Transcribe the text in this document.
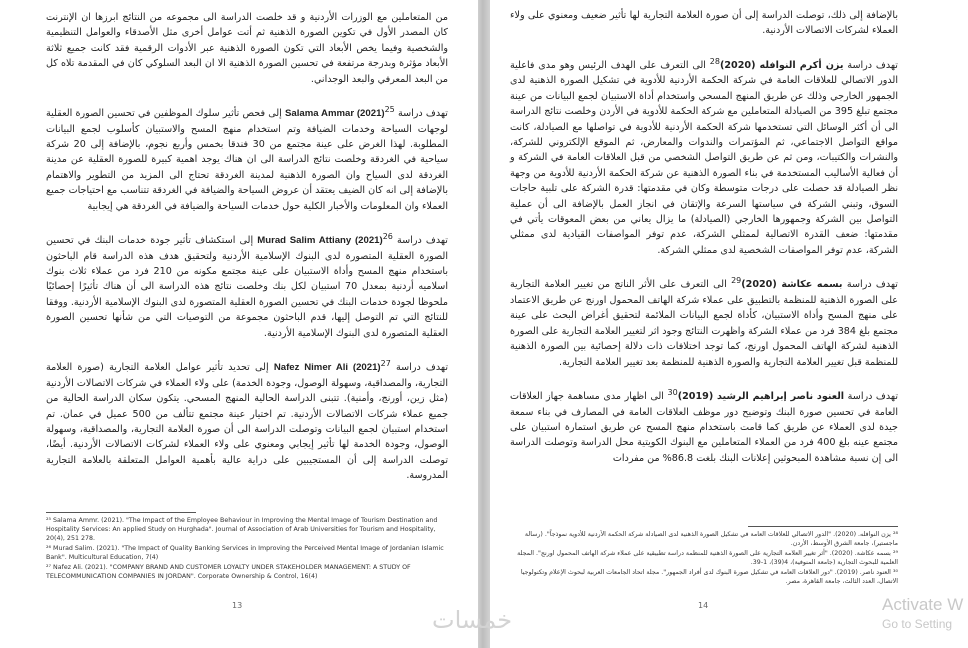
من المتعاملين مع الوزرات الأردنية و قد خلصت الدراسة الى مجموعه من النتائج ابرزها ان الإنترنت كان المصدر الأول في تكوين الصورة الذهنية ثم أتت عوامل أخرى مثل الأصدقاء والعوامل التنظيمية والشخصية وفيما يخص الأبعاد التي تكون الصورة الذهنية عبر الأدوات الرقمية فقد كانت جميع ثلاثة الأبعاد مؤثرة وبدرجة مرتفعة في تحسين الصورة الذهنية الا ان البعد السلوكي كان في المقدمة تلاه كل من البعد المعرفي والبعد الوجداني.

تهدف دراسة Salama Ammar $(2021)^{25}$ إلى فحص تأثير سلوك الموظفين في تحسين الصورة العقلية لوجهات السياحة وخدمات الضيافة وتم استخدام منهج المسح والاستبيان كأسلوب لجمع البيانات المطلوبة. لهذا الغرض على عينة مجتمع من 30 فندقا بخمس وأربع نجوم، بالإضافة إلى 20 شركة سياحية في الغردقة وخلصت نتائج الدراسة الى ان هناك يوجد اهمية كبيرة للصورة العقلية عن مدينة الغردقة لدى السياح وان الصورة الذهنية لمدينة الغردقة تحتاج الى المزيد من التطوير والاهتمام بالإضافة إلى انه كان الضيف يعتقد أن عروض السياحة والضيافة في الغردقة تتناسب مع احتياجات جميع العملاء وان المعلومات والأخبار الكلية حول خدمات السياحة والضيافة في الغردقة هي إيجابية

تهدف دراسة Murad Salim Attiany $(2021)^{26}$ إلى استكشاف تأثير جودة خدمات البنك في تحسين الصورة العقلية المتصورة لدى البنوك الإسلامية الأردنية ولتحقيق هدف هذه الدراسة قام الباحثون باستخدام منهج المسح وأداة الاستبيان على عينة مجتمع مكونه من 210 فرد من عملاء ثلاث بنوك اسلاميه أردنية بمعدل 70 استبيان لكل بنك وخلصت نتائج هذه الدراسة الى أن هناك تأثيرًا إحصائيًا ملحوظا لجودة خدمات البنك في تحسين الصورة العقلية المتصورة لدى البنوك الإسلامية الأردنية. ووفقا للنتائج التي تم التوصل إليها، قدم الباحثون مجموعة من التوصيات التي من شأنها تحسين الصورة العقلية المتصورة لدى البنوك الإسلامية الأردنية.

تهدف دراسة Nafez Nimer Ali $(2021)^{27}$ إلى تحديد تأثير عوامل العلامة التجارية (صورة العلامة التجارية، والمصداقية، وسهولة الوصول، وجودة الخدمة) على ولاء العملاء في شركات الاتصالات الأردنية (مثل زين، أورنج، وأمنية). تتبنى الدراسة الحالية المنهج المسحي. يتكون سكان الدراسة الحالية من جميع عملاء شركات الاتصالات الأردنية. تم اختيار عينة مجتمع تتألف من 500 عميل في عمان. تم استخدام استبيان لجمع البيانات وتوصلت الدراسة الى أن صورة العلامة التجارية، والمصداقية، وسهولة الوصول، وجودة الخدمة لها تأثير إيجابي ومعنوي على ولاء العملاء لشركات الاتصالات الأردنية. أيضًا، توصلت الدراسة إلى أن المستجيبين على دراية عالية بأهمية العوامل المتعلقة بالعلامة التجارية المدروسة.

²⁵ Salama Ammr. (2021). "The Impact of the Employee Behaviour in Improving the Mental Image of Tourism Destination and Hospitality Services: An applied Study on Hurghada". Journal of Association of Arab Universities for Tourism and Hospitality, 20(4), 251 278.
²⁶ Murad Salim. (2021). "The Impact of Quality Banking Services in Improving the Perceived Mental Image of Jordanian Islamic Bank". Multicultural Education, 7(4)
²⁷ Nafez Ali. (2021). "COMPANY BRAND AND CUSTOMER LOYALTY UNDER STAKEHOLDER MANAGEMENT: A STUDY OF TELECOMMUNICATION COMPANIES IN JORDAN". Corporate Ownership & Control, 16(4)
13

بالإضافة إلى ذلك، توصلت الدراسة إلى أن صورة العلامة التجارية لها تأثير ضعيف ومعنوي على ولاء العملاء لشركات الاتصالات الأردنية.

تهدف دراسة يزن أكرم النوافله $(2020)^{28}$ الى التعرف على الهدف الرئيس وهو مدى فاعلية الدور الاتصالي للعلاقات العامة في شركة الحكمة الأردنية للأدوية في تشكيل الصورة الذهنية لدى الجمهور الخارجي وذلك عن طريق المنهج المسحي واستخدام أداة الاستبيان لجمع البيانات من عينة مجتمع تبلغ 395 من الصيادلة المتعاملين مع شركة الحكمة للأدوية في الأردن وخلصت نتائج الدراسة الى أن أكثر الوسائل التي تستخدمها شركة الحكمة الأردنية للأدوية في تواصلها مع الصيادلة، كانت مواقع التواصل الاجتماعي، ثم المؤتمرات والندوات والمعارض، ثم الموقع الإلكتروني للشركة، والنشرات والكتيبات، ومن ثم عن طريق التواصل الشخصي من قبل العلاقات العامة في الشركة و أن فعالية الأساليب المستخدمة في بناء الصورة الذهنية عن شركة الحكمة الأردنية للأدوية من وجهة نظر الصيادلة قد حصلت على درجات متوسطة وكان في مقدمتها: قدرة الشركة على تلبية حاجات السوق، وتبني الشركة في سياستها السرعة والإتقان في انجاز العمل بالإضافة الى أن عملية التواصل بين الشركة وجمهورها الخارجي (الصيادلة) ما يزال يعاني من بعض المعوقات يأتي في مقدمتها: ضعف القدرة الاتصالية لممثلي الشركة، عدم توفر المواصفات القيادية لدى ممثلي الشركة، عدم توفر المواصفات الشخصية لدى ممثلي الشركة.

تهدف دراسة بسمه عكاشة $(2020)^{29}$ الى التعرف على الأثر الناتج من تغيير العلامة التجارية على الصورة الذهنية للمنظمة بالتطبيق على عملاء شركة الهاتف المحمول اورنج عن طريق الاعتماد على منهج المسح وأداة الاستبيان، كأداة لجمع البيانات الملائمة لتحقيق أغراض البحث على عينة مجتمع بلغ 384 فرد من عملاء الشركة واظهرت النتائج وجود اثر لتغيير العلامة التجارية على الصورة الذهنية لشركة الهاتف المحمول اورنج، كما توجد اختلافات ذات دلالة إحصائية بين الصورة الذهنية للمنظمة قبل تغيير العلامة التجارية والصورة الذهنية للمنظمة بعد تغيير العلامة التجارية.

تهدف دراسة العنود ناصر إبراهيم الرشيد $(2019)^{30}$ الى اظهار مدى مساهمة جهاز العلاقات العامة في تحسين صورة البنك وتوضيح دور موظف العلاقات العامة في المصارف في بناء سمعة جيدة لدى العملاء عن طريق كما قامت باستخدام منهج المسح عن طريق استمارة استبيان على مجتمع عينه بلغ 400 فرد من العملاء المتعاملين مع البنوك الكويتية محل الدراسة وتوصلت الدراسة الى إن نسبة مشاهدة المبحوثين إعلانات البنك بلغت 86.8% من مفردات

²⁸ يزن النوافله. (2020). "الدور الاتصالي للعلاقات العامة في تشكيل الصورة الذهنية لدى الصيادلة شركة الحكمة الأردنية للأدوية نموذجاً". (رسالة ماجستير)، جامعة الشرق الأوسط، الأردن.
²⁹ بسمه عكاشة. (2020). "أثر تغيير العلامة التجارية على الصورة الذهنية للمنظمة دراسة تطبيقية على عملاء شركة الهاتف المحمول اورنج". المجلة العلمية للبحوث التجارية (جامعة المنوفية)، 4(39)، 1-39.
³⁰ العنود ناصر. (2019). "دور العلاقات العامة في تشكيل صورة البنوك لدى أفراد الجمهور". مجلة اتحاد الجامعات العربية لبحوث الإعلام وتكنولوجيا الاتصال، العدد الثالث، جامعة القاهرة، مصر.
14
خمسات
Activate W
Go to Setting
